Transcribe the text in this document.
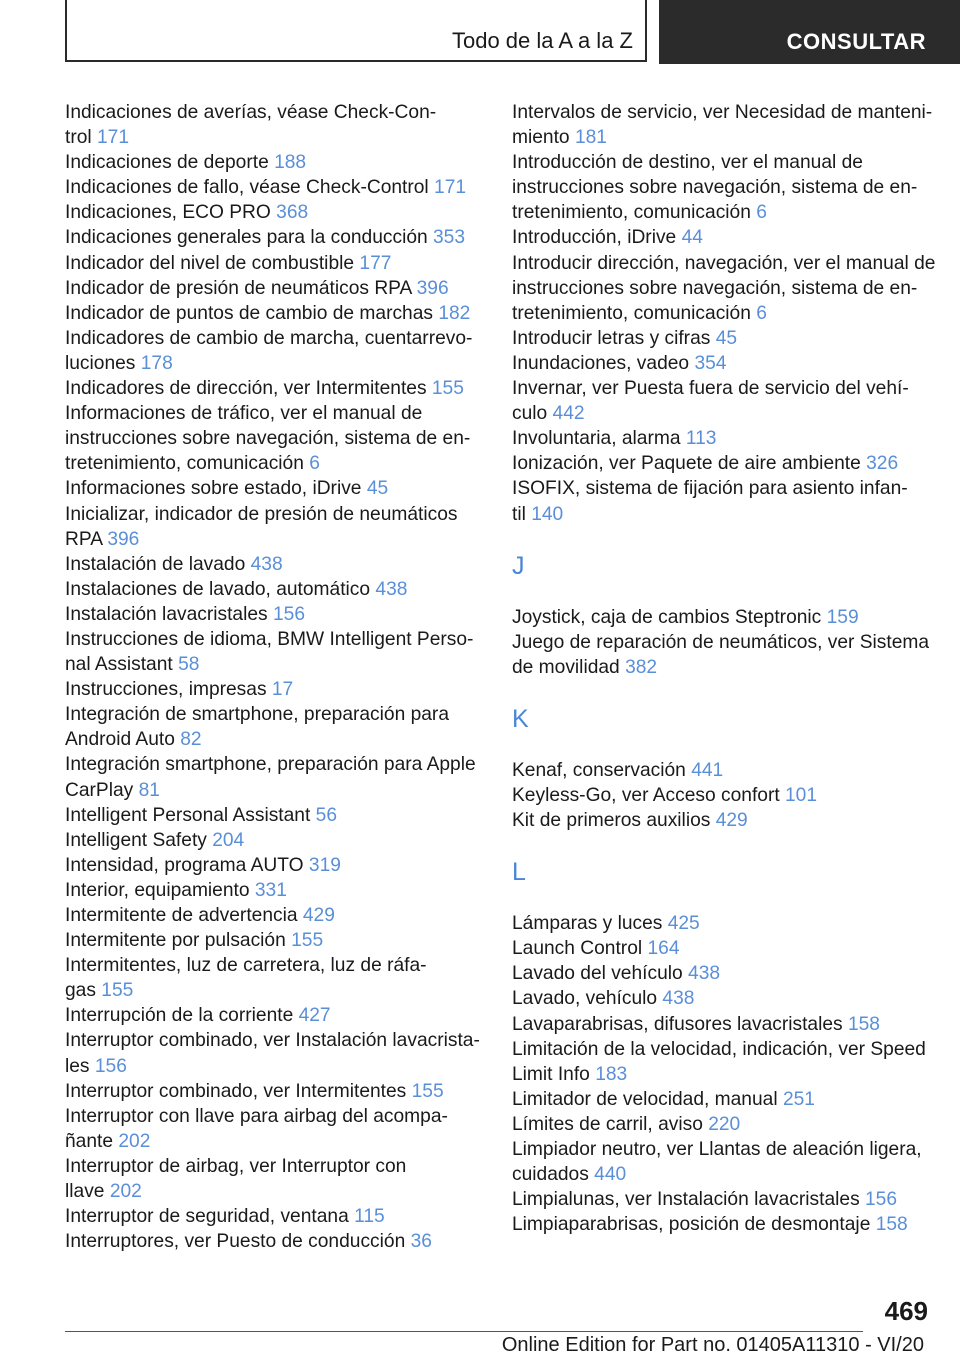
Todo de la A a la Z	CONSULTAR
Indicaciones de averías, véase Check-Con-
trol 171
Indicaciones de deporte 188
Indicaciones de fallo, véase Check-Control 171
Indicaciones, ECO PRO 368
Indicaciones generales para la conducción 353
Indicador del nivel de combustible 177
Indicador de presión de neumáticos RPA 396
Indicador de puntos de cambio de marchas 182
Indicadores de cambio de marcha, cuentarrevo-
luciones 178
Indicadores de dirección, ver Intermitentes 155
Informaciones de tráfico, ver el manual de
instrucciones sobre navegación, sistema de en-
tretenimiento, comunicación 6
Informaciones sobre estado, iDrive 45
Inicializar, indicador de presión de neumáticos
RPA 396
Instalación de lavado 438
Instalaciones de lavado, automático 438
Instalación lavacristales 156
Instrucciones de idioma, BMW Intelligent Perso-
nal Assistant 58
Instrucciones, impresas 17
Integración de smartphone, preparación para
Android Auto 82
Integración smartphone, preparación para Apple
CarPlay 81
Intelligent Personal Assistant 56
Intelligent Safety 204
Intensidad, programa AUTO 319
Interior, equipamiento 331
Intermitente de advertencia 429
Intermitente por pulsación 155
Intermitentes, luz de carretera, luz de ráfa-
gas 155
Interrupción de la corriente 427
Interruptor combinado, ver Instalación lavacrista-
les 156
Interruptor combinado, ver Intermitentes 155
Interruptor con llave para airbag del acompa-
ñante 202
Interruptor de airbag, ver Interruptor con
llave 202
Interruptor de seguridad, ventana 115
Interruptores, ver Puesto de conducción 36
Intervalos de servicio, ver Necesidad de manteni-
miento 181
Introducción de destino, ver el manual de
instrucciones sobre navegación, sistema de en-
tretenimiento, comunicación 6
Introducción, iDrive 44
Introducir dirección, navegación, ver el manual de
instrucciones sobre navegación, sistema de en-
tretenimiento, comunicación 6
Introducir letras y cifras 45
Inundaciones, vadeo 354
Invernar, ver Puesta fuera de servicio del vehí-
culo 442
Involuntaria, alarma 113
Ionización, ver Paquete de aire ambiente 326
ISOFIX, sistema de fijación para asiento infan-
til 140
J
Joystick, caja de cambios Steptronic 159
Juego de reparación de neumáticos, ver Sistema
de movilidad 382
K
Kenaf, conservación 441
Keyless-Go, ver Acceso confort 101
Kit de primeros auxilios 429
L
Lámparas y luces 425
Launch Control 164
Lavado del vehículo 438
Lavado, vehículo 438
Lavaparabrisas, difusores lavacristales 158
Limitación de la velocidad, indicación, ver Speed
Limit Info 183
Limitador de velocidad, manual 251
Límites de carril, aviso 220
Limpiador neutro, ver Llantas de aleación ligera,
cuidados 440
Limpialunas, ver Instalación lavacristales 156
Limpiaparabrisas, posición de desmontaje 158
469
Online Edition for Part no. 01405A11310 - VI/20
